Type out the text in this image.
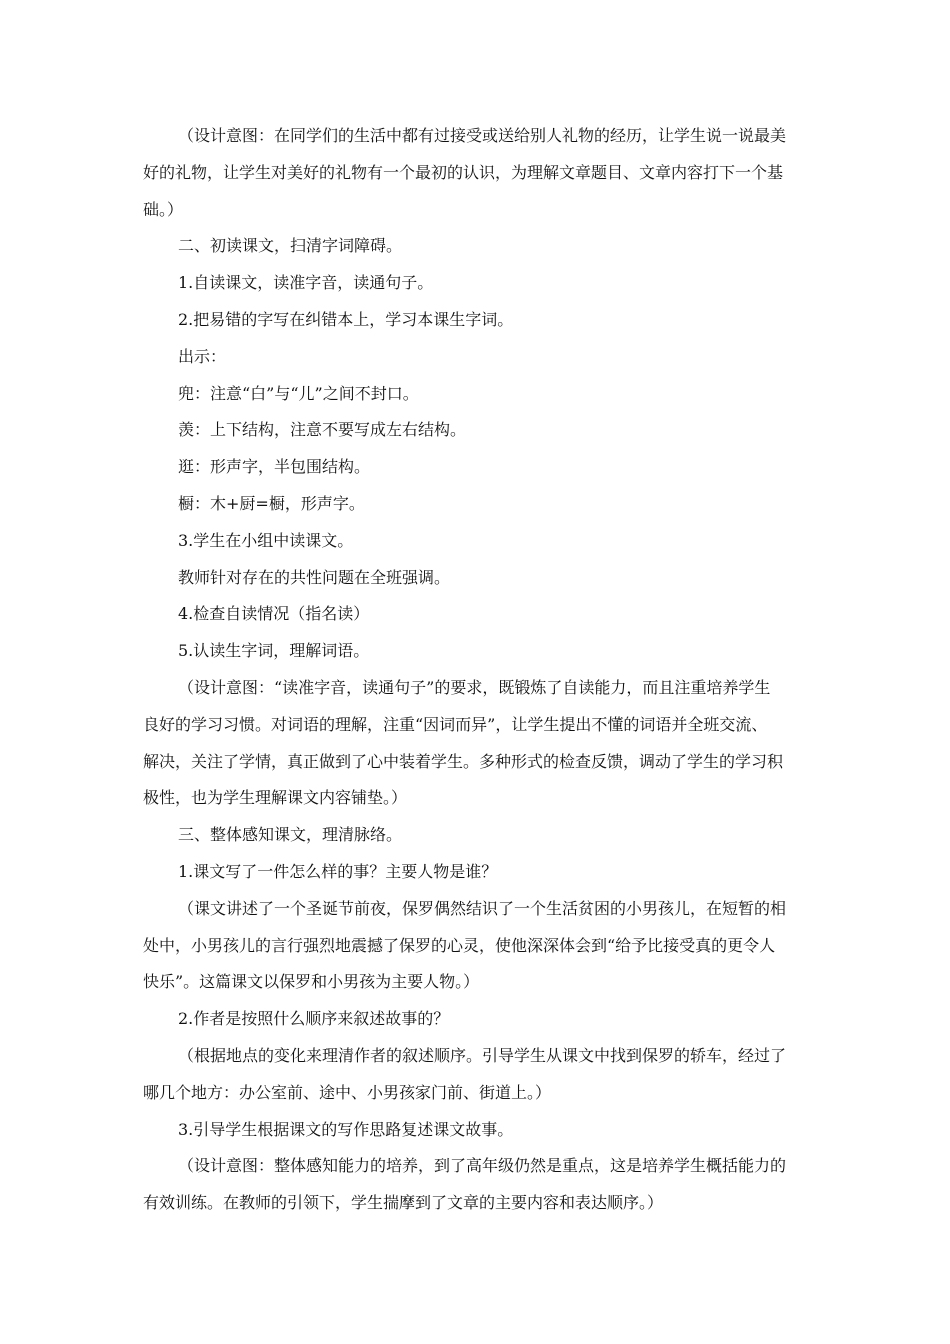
（设计意图：在同学们的生活中都有过接受或送给别人礼物的经历，让学生说一说最美
好的礼物，让学生对美好的礼物有一个最初的认识，为理解文章题目、文章内容打下一个基
础。）
二、初读课文，扫清字词障碍。
1.自读课文，读准字音，读通句子。
2.把易错的字写在纠错本上，学习本课生字词。
出示：
兜：注意“白”与“儿”之间不封口。
羡：上下结构，注意不要写成左右结构。
逛：形声字，半包围结构。
橱：木+厨=橱，形声字。
3.学生在小组中读课文。
教师针对存在的共性问题在全班强调。
4.检查自读情况（指名读）
5.认读生字词，理解词语。
（设计意图：“读准字音，读通句子”的要求，既锻炼了自读能力，而且注重培养学生
良好的学习习惯。对词语的理解，注重“因词而异”，让学生提出不懂的词语并全班交流、
解决，关注了学情，真正做到了心中装着学生。多种形式的检查反馈，调动了学生的学习积
极性，也为学生理解课文内容铺垫。）
三、整体感知课文，理清脉络。
1.课文写了一件怎么样的事？主要人物是谁？
（课文讲述了一个圣诞节前夜，保罗偶然结识了一个生活贫困的小男孩儿，在短暂的相
处中，小男孩儿的言行强烈地震撼了保罗的心灵，使他深深体会到“给予比接受真的更令人
快乐”。这篇课文以保罗和小男孩为主要人物。）
2.作者是按照什么顺序来叙述故事的？
（根据地点的变化来理清作者的叙述顺序。引导学生从课文中找到保罗的轿车，经过了
哪几个地方：办公室前、途中、小男孩家门前、街道上。）
3.引导学生根据课文的写作思路复述课文故事。
（设计意图：整体感知能力的培养，到了高年级仍然是重点，这是培养学生概括能力的
有效训练。在教师的引领下，学生揣摩到了文章的主要内容和表达顺序。）
